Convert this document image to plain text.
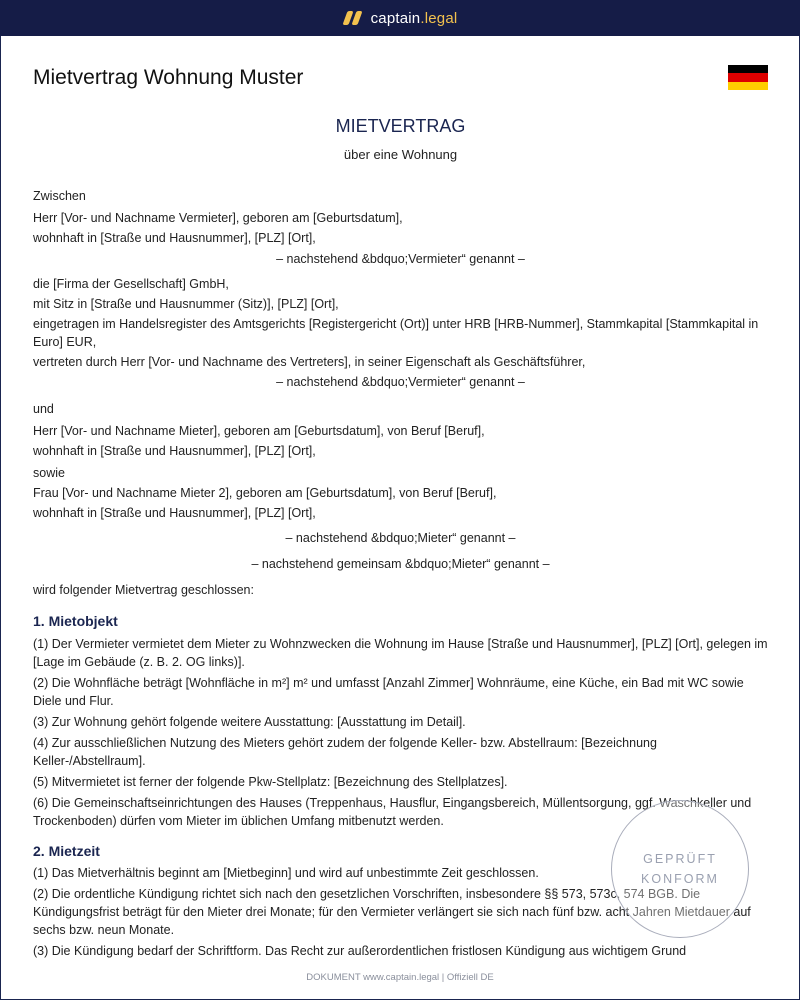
captain.legal
Mietvertrag Wohnung Muster
MIETVERTRAG
über eine Wohnung

Zwischen

Herr [Vor- und Nachname Vermieter], geboren am [Geburtsdatum],

wohnhaft in [Straße und Hausnummer], [PLZ] [Ort],

– nachstehend &bdquo;Vermieter“ genannt –

die [Firma der Gesellschaft] GmbH,

mit Sitz in [Straße und Hausnummer (Sitz)], [PLZ] [Ort],

eingetragen im Handelsregister des Amtsgerichts [Registergericht (Ort)] unter HRB [HRB-Nummer], Stammkapital [Stammkapital in Euro] EUR,

vertreten durch Herr [Vor- und Nachname des Vertreters], in seiner Eigenschaft als Geschäftsführer,

– nachstehend &bdquo;Vermieter“ genannt –

und

Herr [Vor- und Nachname Mieter], geboren am [Geburtsdatum], von Beruf [Beruf],

wohnhaft in [Straße und Hausnummer], [PLZ] [Ort],

sowie

Frau [Vor- und Nachname Mieter 2], geboren am [Geburtsdatum], von Beruf [Beruf],

wohnhaft in [Straße und Hausnummer], [PLZ] [Ort],

– nachstehend &bdquo;Mieter“ genannt –

– nachstehend gemeinsam &bdquo;Mieter“ genannt –

wird folgender Mietvertrag geschlossen:

1. Mietobjekt

(1) Der Vermieter vermietet dem Mieter zu Wohnzwecken die Wohnung im Hause [Straße und Hausnummer], [PLZ] [Ort], gelegen im [Lage im Gebäude (z. B. 2. OG links)].

(2) Die Wohnfläche beträgt [Wohnfläche in m²] m² und umfasst [Anzahl Zimmer] Wohnräume, eine Küche, ein Bad mit WC sowie Diele und Flur.

(3) Zur Wohnung gehört folgende weitere Ausstattung: [Ausstattung im Detail].

(4) Zur ausschließlichen Nutzung des Mieters gehört zudem der folgende Keller- bzw. Abstellraum: [Bezeichnung Keller-/Abstellraum].

(5) Mitvermietet ist ferner der folgende Pkw-Stellplatz: [Bezeichnung des Stellplatzes].

(6) Die Gemeinschaftseinrichtungen des Hauses (Treppenhaus, Hausflur, Eingangsbereich, Müllentsorgung, ggf. Waschkeller und Trockenboden) dürfen vom Mieter im üblichen Umfang mitbenutzt werden.

2. Mietzeit

(1) Das Mietverhältnis beginnt am [Mietbeginn] und wird auf unbestimmte Zeit geschlossen.

(2) Die ordentliche Kündigung richtet sich nach den gesetzlichen Vorschriften, insbesondere §§ 573, 573c, 574 BGB. Die Kündigungsfrist beträgt für den Mieter drei Monate; für den Vermieter verlängert sie sich nach fünf bzw. acht Jahren Mietdauer auf sechs bzw. neun Monate.

(3) Die Kündigung bedarf der Schriftform. Das Recht zur außerordentlichen fristlosen Kündigung aus wichtigem Grund

GEPRÜFT
KONFORM
DOKUMENT www.captain.legal | Offiziell DE
